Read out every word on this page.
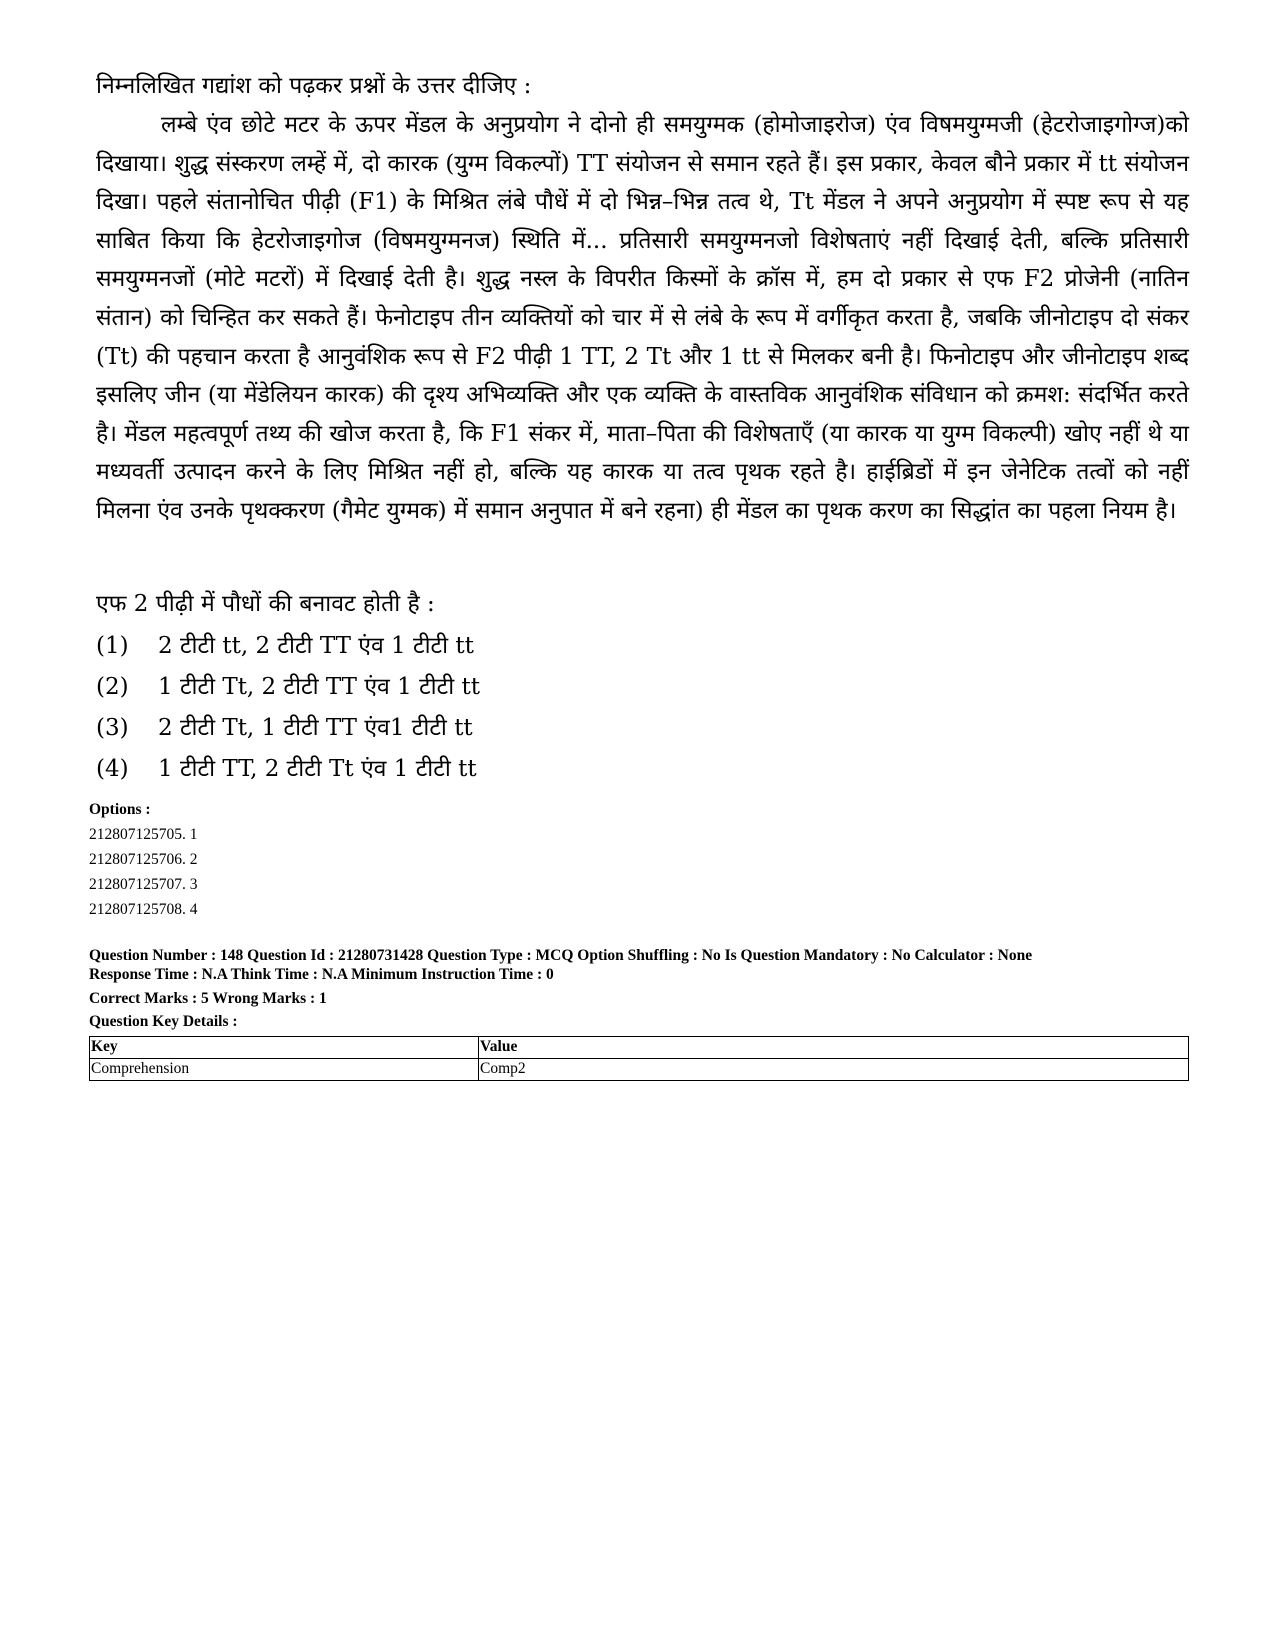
निम्नलिखित गद्यांश को पढ़कर प्रश्नों के उत्तर दीजिए :
लम्बे एंव छोटे मटर के ऊपर मेंडल के अनुप्रयोग ने दोनो ही समयुग्मक (होमोजाइरोज) एंव विषमयुग्मजी (हेटरोजाइगोग्ज)को दिखाया। शुद्ध संस्करण लम्हें में, दो कारक (युग्म विकल्पों) TT संयोजन से समान रहते हैं। इस प्रकार, केवल बौने प्रकार में tt संयोजन दिखा। पहले संतानोचित पीढ़ी (F1) के मिश्रित लंबे पौधें में दो भिन्न–भिन्न तत्व थे, Tt मेंडल ने अपने अनुप्रयोग में स्पष्ट रूप से यह साबित किया कि हेटरोजाइगोज (विषमयुग्मनज) स्थिति में... प्रतिसारी समयुग्मनजो विशेषताएं नहीं दिखाई देती, बल्कि प्रतिसारी समयुग्मनजों (मोटे मटरों) में दिखाई देती है। शुद्ध नस्ल के विपरीत किस्मों के क्रॉस में, हम दो प्रकार से एफ F2 प्रोजेनी (नातिन संतान) को चिन्हित कर सकते हैं। फेनोटाइप तीन व्यक्तियों को चार में से लंबे के रूप में वर्गीकृत करता है, जबकि जीनोटाइप दो संकर (Tt) की पहचान करता है आनुवंशिक रूप से F2 पीढ़ी 1 TT, 2 Tt और 1 tt से मिलकर बनी है। फिनोटाइप और जीनोटाइप शब्द इसलिए जीन (या मेंडेलियन कारक) की दृश्य अभिव्यक्ति और एक व्यक्ति के वास्तविक आनुवंशिक संविधान को क्रमश: संदर्भित करते है। मेंडल महत्वपूर्ण तथ्य की खोज करता है, कि F1 संकर में, माता–पिता की विशेषताएँ (या कारक या युग्म विकल्पी) खोए नहीं थे या मध्यवर्ती उत्पादन करने के लिए मिश्रित नहीं हो, बल्कि यह कारक या तत्व पृथक रहते है। हाईब्रिडों में इन जेनेटिक तत्वों को नहीं मिलना एंव उनके पृथक्करण (गैमेट युग्मक) में समान अनुपात में बने रहना) ही मेंडल का पृथक करण का सिद्धांत का पहला नियम है।
एफ 2 पीढ़ी में पौधों की बनावट होती है :
(1) 2 टीटी tt, 2 टीटी TT एंव 1 टीटी tt
(2) 1 टीटी Tt, 2 टीटी TT एंव 1 टीटी tt
(3) 2 टीटी Tt, 1 टीटी TT एंव1 टीटी tt
(4) 1 टीटी TT, 2 टीटी Tt एंव 1 टीटी tt
Options :
212807125705. 1
212807125706. 2
212807125707. 3
212807125708. 4
Question Number : 148 Question Id : 21280731428 Question Type : MCQ Option Shuffling : No Is Question Mandatory : No Calculator : None
Response Time : N.A Think Time : N.A Minimum Instruction Time : 0
Correct Marks : 5 Wrong Marks : 1
Question Key Details :
Key	Value
Comprehension	Comp2
